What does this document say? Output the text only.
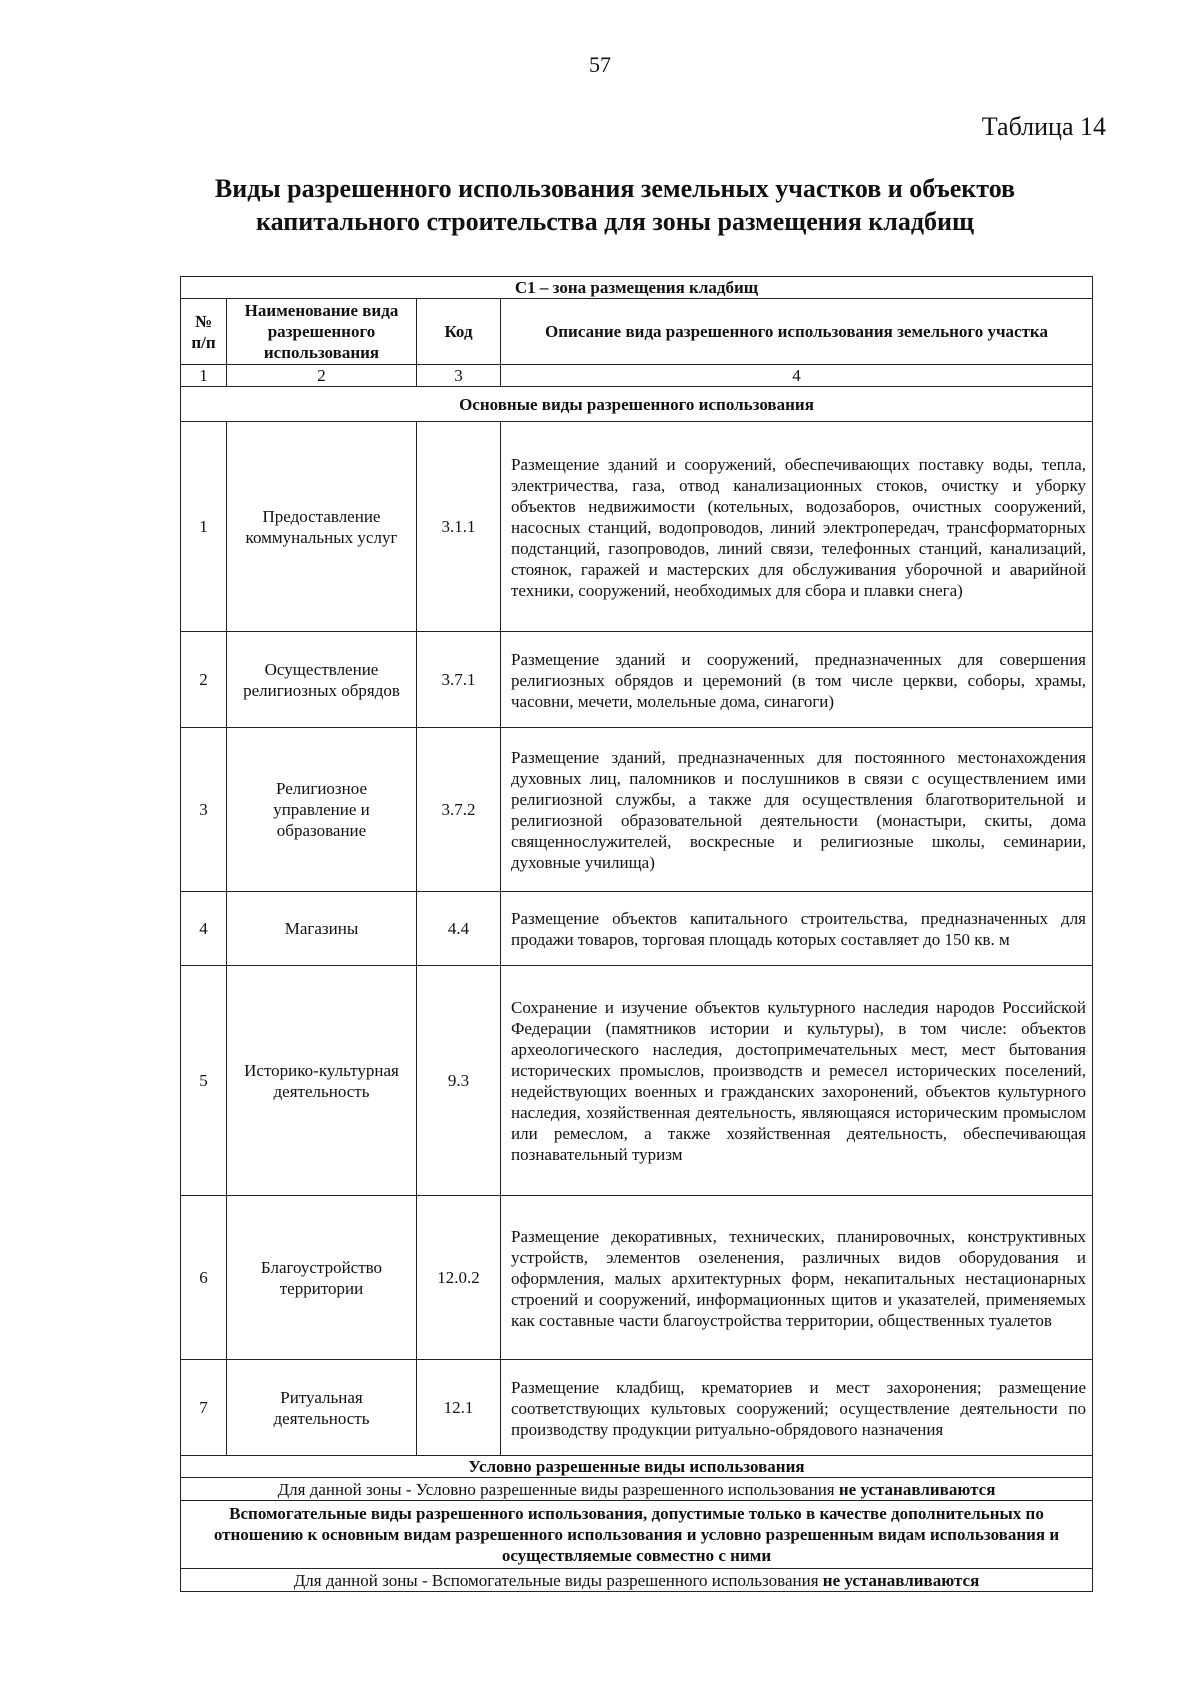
57
Таблица 14
Виды разрешенного использования земельных участков и объектов
капитального строительства для зоны размещения кладбищ
С1 – зона размещения кладбищ			
№ п/п	Наименование вида разрешенного использования	Код	Описание вида разрешенного использования земельного участка
1	2	3	4
Основные виды разрешенного использования			
1	Предоставление коммунальных услуг	3.1.1	Размещение зданий и сооружений, обеспечивающих поставку воды, тепла, электричества, газа, отвод канализационных стоков, очистку и уборку объектов недвижимости (котельных, водозаборов, очистных сооружений, насосных станций, водопроводов, линий электропередач, трансформаторных подстанций, газопроводов, линий связи, телефонных станций, канализаций, стоянок, гаражей и мастерских для обслуживания уборочной и аварийной техники, сооружений, необходимых для сбора и плавки снега)
2	Осуществление религиозных обрядов	3.7.1	Размещение зданий и сооружений, предназначенных для совершения религиозных обрядов и церемоний (в том числе церкви, соборы, храмы, часовни, мечети, молельные дома, синагоги)
3	Религиозное управление и образование	3.7.2	Размещение зданий, предназначенных для постоянного местонахождения духовных лиц, паломников и послушников в связи с осуществлением ими религиозной службы, а также для осуществления благотворительной и религиозной образовательной деятельности (монастыри, скиты, дома священнослужителей, воскресные и религиозные школы, семинарии, духовные училища)
4	Магазины	4.4	Размещение объектов капитального строительства, предназначенных для продажи товаров, торговая площадь которых составляет до 150 кв. м
5	Историко-культурная деятельность	9.3	Сохранение и изучение объектов культурного наследия народов Российской Федерации (памятников истории и культуры), в том числе: объектов археологического наследия, достопримечательных мест, мест бытования исторических промыслов, производств и ремесел исторических поселений, недействующих военных и гражданских захоронений, объектов культурного наследия, хозяйственная деятельность, являющаяся историческим промыслом или ремеслом, а также хозяйственная деятельность, обеспечивающая познавательный туризм
6	Благоустройство территории	12.0.2	Размещение декоративных, технических, планировочных, конструктивных устройств, элементов озеленения, различных видов оборудования и оформления, малых архитектурных форм, некапитальных нестационарных строений и сооружений, информационных щитов и указателей, применяемых как составные части благоустройства территории, общественных туалетов
7	Ритуальная деятельность	12.1	Размещение кладбищ, крематориев и мест захоронения; размещение соответствующих культовых сооружений; осуществление деятельности по производству продукции ритуально-обрядового назначения
Условно разрешенные виды использования			
Для данной зоны - Условно разрешенные виды разрешенного использования не устанавливаются			
Вспомогательные виды разрешенного использования, допустимые только в качестве дополнительных по отношению к основным видам разрешенного использования и условно разрешенным видам использования и осуществляемые совместно с ними			
Для данной зоны - Вспомогательные виды разрешенного использования не устанавливаются			
